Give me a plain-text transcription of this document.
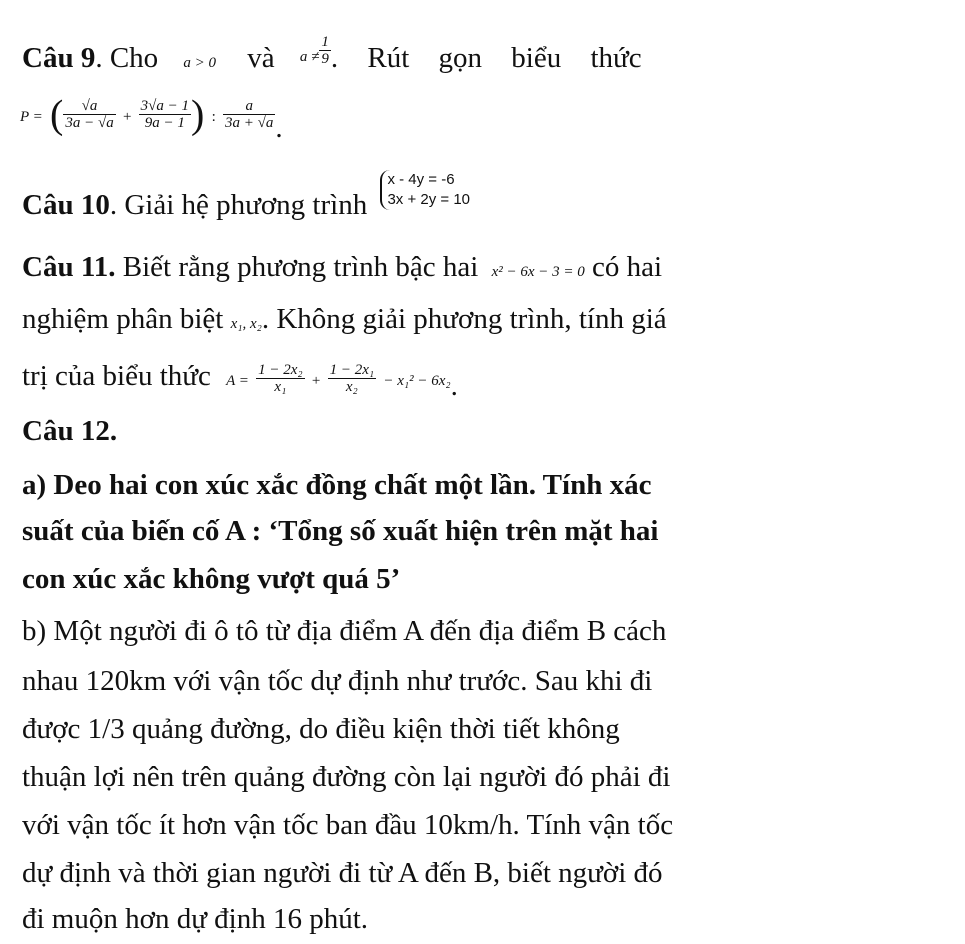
Câu 9. Cho a > 0 và $^{a \ne} \frac{1}{9}$ . Rút gọn biểu thức
P = ( $\frac{√a}{3a - √a} + \frac{3√a - 1}{9a - 1}$ ) : $\frac{a}{3a + √a}$ .
Câu 10. Giải hệ phương trình
x - 4y = -6
3x + 2y = 10
Câu 11. Biết rằng phương trình bậc hai x² − 6x − 3 = 0 có hai
nghiệm phân biệt x₁, x₂. Không giải phương trình, tính giá
trị của biểu thức $A = \frac{\text{1 − 2x₂}}{\text{x₁}} + \frac{\text{1 − 2x₁}}{\text{x₂}} - x_1^2 - 6x_2$.
Câu 12.
a) Deo hai con xúc xắc đồng chất một lần. Tính xác
suất của biến cố A : ‘Tổng số xuất hiện trên mặt hai
con xúc xắc không vượt quá 5’
b) Một người đi ô tô từ địa điểm A đến địa điểm B cách
nhau 120km với vận tốc dự định như trước. Sau khi đi
được 1/3 quảng đường, do điều kiện thời tiết không
thuận lợi nên trên quảng đường còn lại người đó phải đi
với vận tốc ít hơn vận tốc ban đầu 10km/h. Tính vận tốc
dự định và thời gian người đi từ A đến B, biết người đó
đi muộn hơn dự định 16 phút.
